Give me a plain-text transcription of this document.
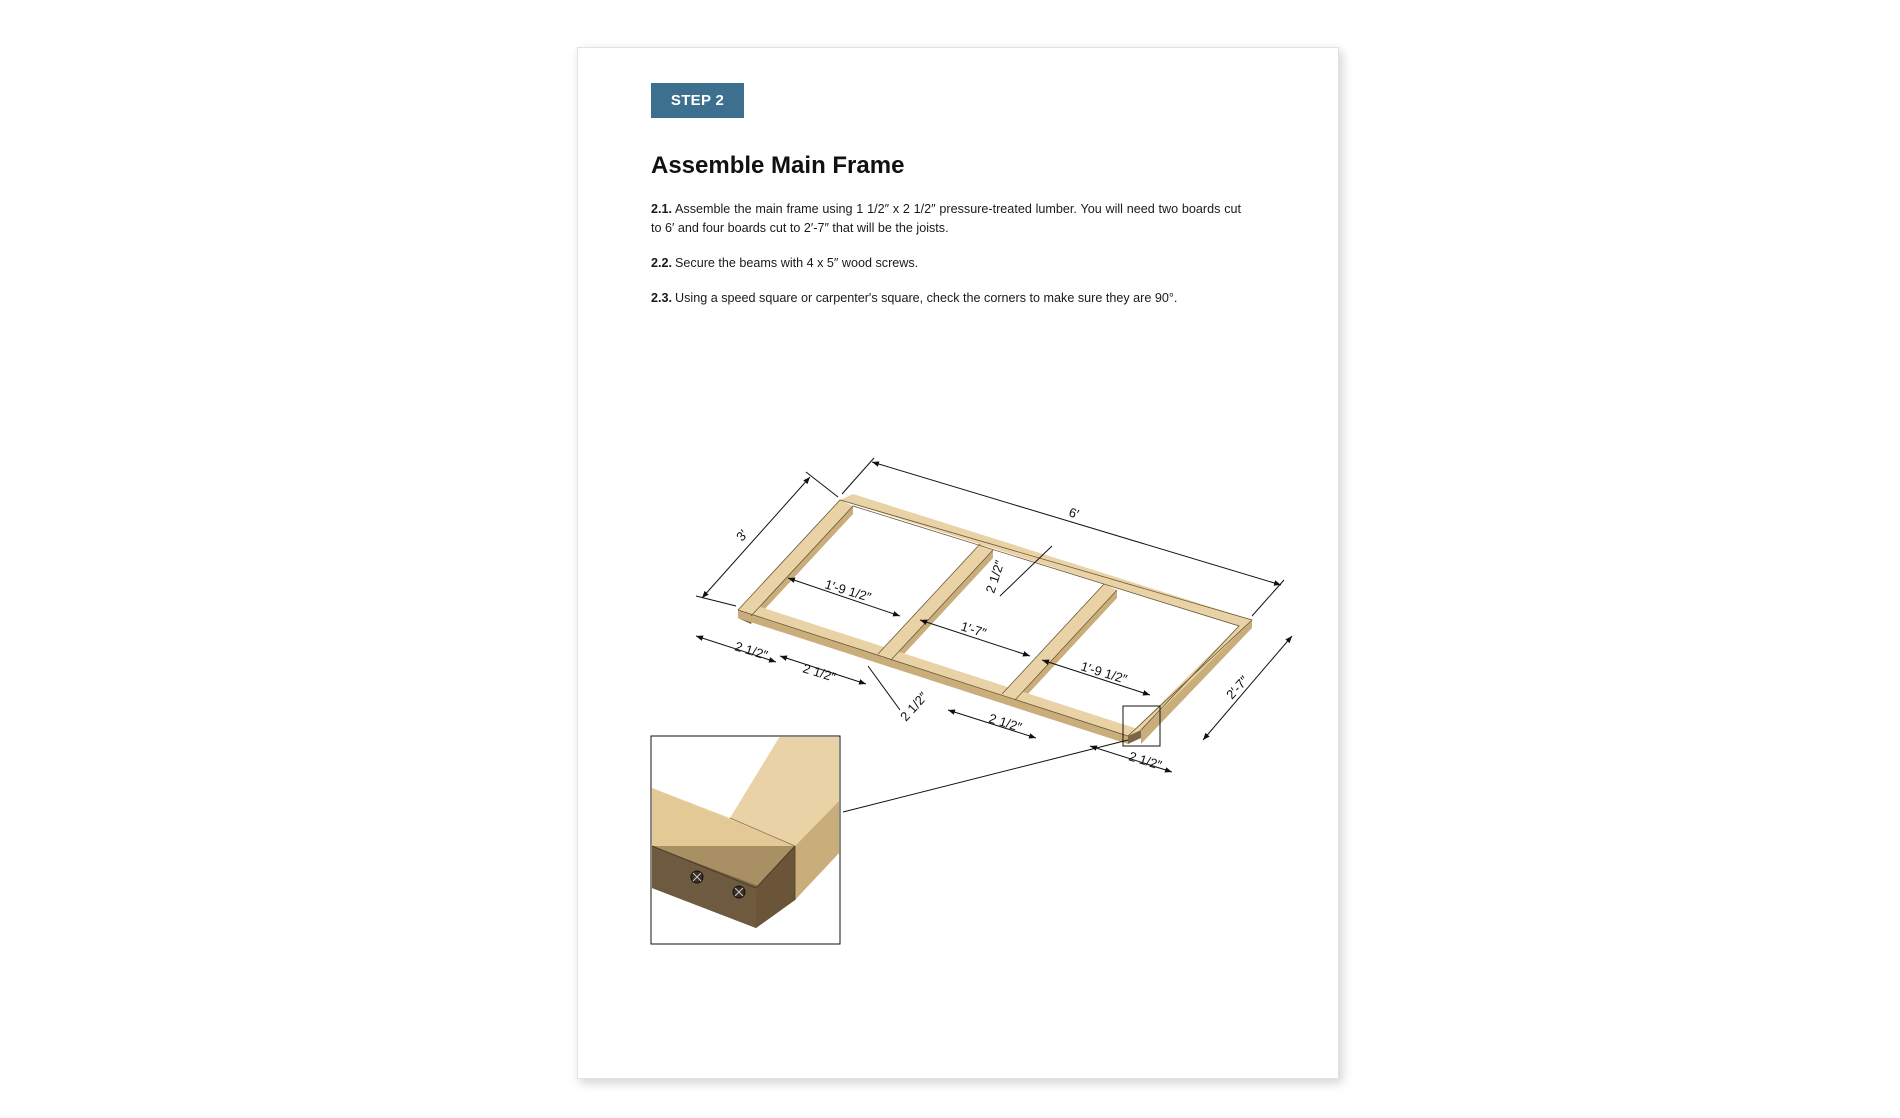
STEP 2
Assemble Main Frame

2.1. Assemble the main frame using 1 1/2″ x 2 1/2″ pressure-treated lumber. You will need two boards cut to 6′ and four boards cut to 2′-7″ that will be the joists.

2.2. Secure the beams with 4 x 5″ wood screws.

2.3. Using a speed square or carpenter's square, check the corners to make sure they are 90°.

6′
3′
2′-7″
1′-9 1/2″
1′-7″
1′-9 1/2″
2 1/2″
2 1/2″
2 1/2″	2 1/2″
2 1/2″
2 1/2″
